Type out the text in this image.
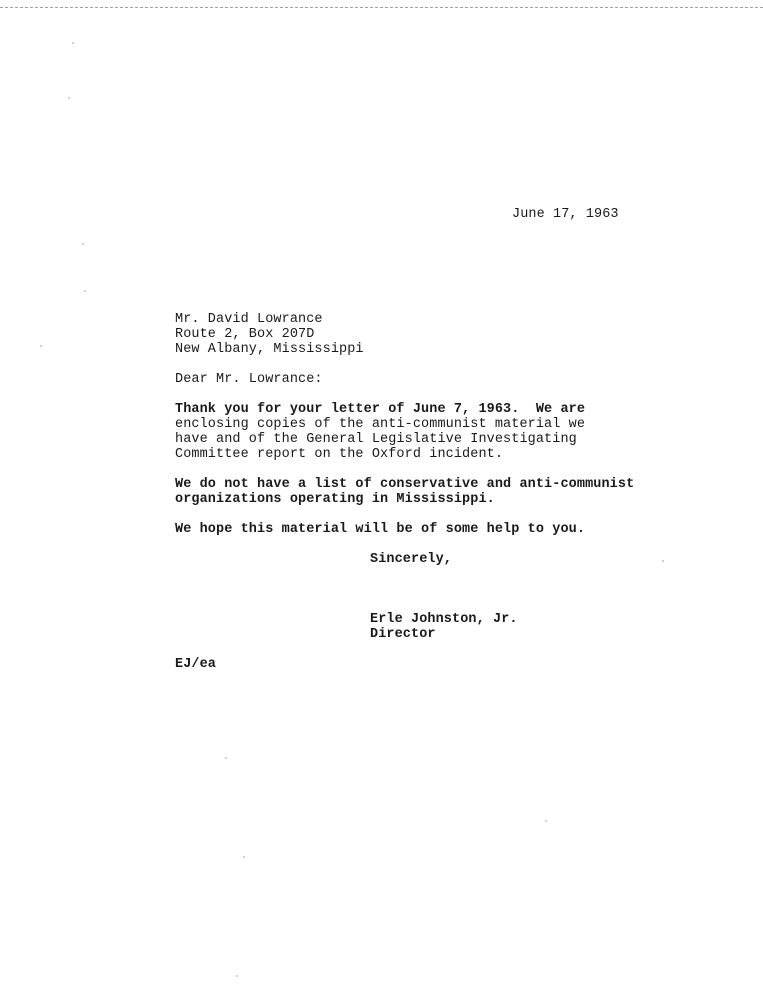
June 17, 1963
Mr. David Lowrance
Route 2, Box 207D
New Albany, Mississippi
Dear Mr. Lowrance:
Thank you for your letter of June 7, 1963.  We are
enclosing copies of the anti-communist material we
have and of the General Legislative Investigating
Committee report on the Oxford incident.
We do not have a list of conservative and anti-communist
organizations operating in Mississippi.
We hope this material will be of some help to you.
Sincerely,
Erle Johnston, Jr.
Director
EJ/ea
